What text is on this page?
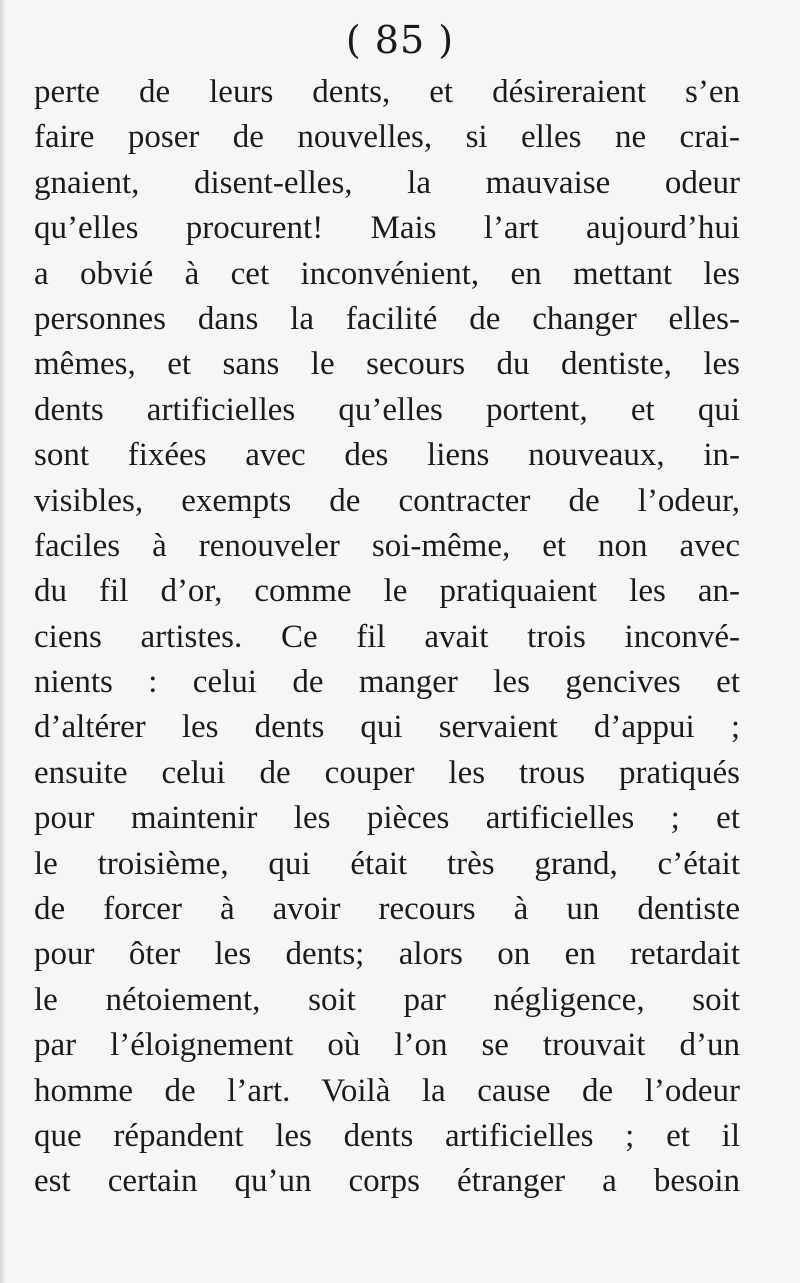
( 85 )
perte de leurs dents, et désireraient s’en
faire poser de nouvelles, si elles ne crai-
gnaient, disent-elles, la mauvaise odeur
qu’elles procurent! Mais l’art aujourd’hui
a obvié à cet inconvénient, en mettant les
personnes dans la facilité de changer elles-
mêmes, et sans le secours du dentiste, les
dents artificielles qu’elles portent, et qui
sont fixées avec des liens nouveaux, in-
visibles, exempts de contracter de l’odeur,
faciles à renouveler soi-même, et non avec
du fil d’or, comme le pratiquaient les an-
ciens artistes. Ce fil avait trois inconvé-
nients : celui de manger les gencives et
d’altérer les dents qui servaient d’appui ;
ensuite celui de couper les trous pratiqués
pour maintenir les pièces artificielles ; et
le troisième, qui était très grand, c’était
de forcer à avoir recours à un dentiste
pour ôter les dents; alors on en retardait
le nétoiement, soit par négligence, soit
par l’éloignement où l’on se trouvait d’un
homme de l’art. Voilà la cause de l’odeur
que répandent les dents artificielles ; et il
est certain qu’un corps étranger a besoin
